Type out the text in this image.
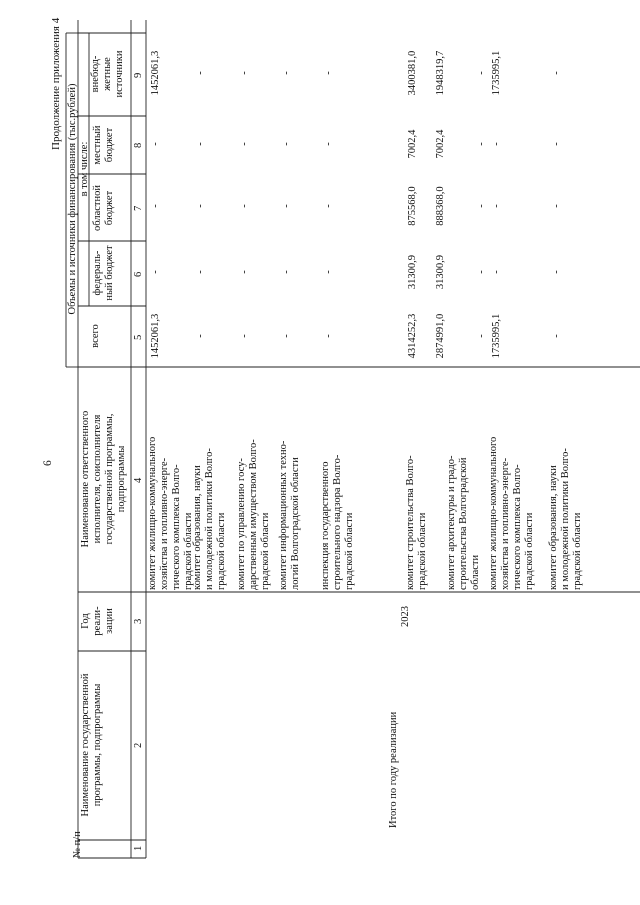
6
Продолжение приложения 4
№ п/п
Наименование государственной программы, подпрограммы
Год реали- зации
Наименование ответственного исполнителя, соисполнителя государственной программы, подпрограммы
Объемы и источники финансирования (тыс.рублей)
всего
в том числе:
федераль- ный бюджет
областной бюджет
местный бюджет
внебюд- жетные источники
1
2
3
4
5
6
7
8
9
комитет жилищно-коммунального хозяйства и топливно-энерге- тического комплекса Волго- градской области
1452061,3
-
-
-
1452061,3
комитет образования, науки и молодежной политики Волго- градской области
-
-
-
-
-
комитет по управлению госу- дарственным имуществом Волго- градской области
-
-
-
-
-
комитет информационных техно- логий Волгоградской области
-
-
-
-
-
инспекция государственного строительного надзора Волго- градской области
-
-
-
-
-
4314252,3
31300,9
875568,0
7002,4
3400381,0
комитет строительства Волго- градской области
2874991,0
31300,9
888368,0
7002,4
1948319,7
комитет архитектуры и градо- строительства Волгоградской области
-
-
-
-
-
комитет жилищно-коммунального хозяйства и топливно-энерге- тического комплекса Волго- градской области
1735995,1
-
-
-
1735995,1
комитет образования, науки и молодежной политики Волго- градской области
-
-
-
-
-
Итого по году реализации
2023
